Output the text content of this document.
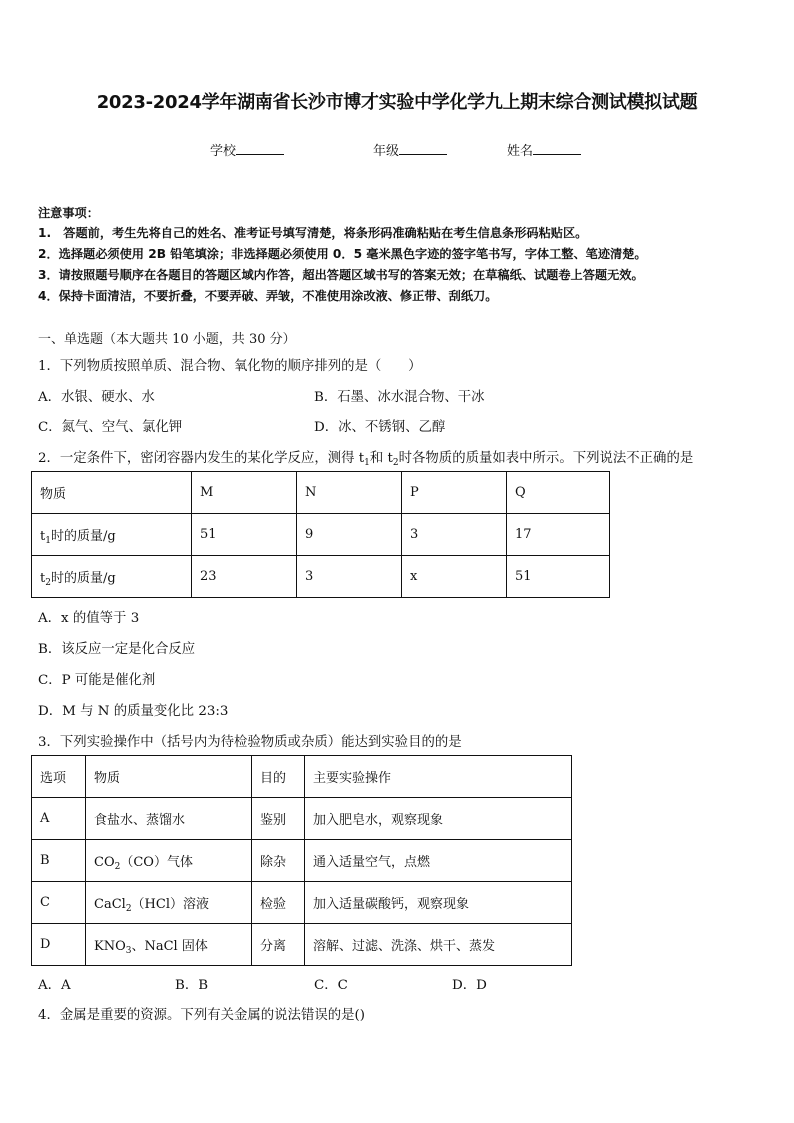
2023-2024学年湖南省长沙市博才实验中学化学九上期末综合测试模拟试题
学校	年级	姓名
注意事项：
1.　答题前，考生先将自己的姓名、准考证号填写清楚，将条形码准确粘贴在考生信息条形码粘贴区。
2．选择题必须使用 2B 铅笔填涂；非选择题必须使用 0．5 毫米黑色字迹的签字笔书写，字体工整、笔迹清楚。
3．请按照题号顺序在各题目的答题区域内作答，超出答题区域书写的答案无效；在草稿纸、试题卷上答题无效。
4．保持卡面清洁，不要折叠，不要弄破、弄皱，不准使用涂改液、修正带、刮纸刀。
一、单选题（本大题共 10 小题，共 30 分）
1．下列物质按照单质、混合物、氧化物的顺序排列的是（　　）
A．水银、硬水、水	B．石墨、冰水混合物、干冰
C．氮气、空气、氯化钾	D．冰、不锈钢、乙醇
2．一定条件下，密闭容器内发生的某化学反应，测得 $t_1$和 $t_2$时各物质的质量如表中所示。下列说法不正确的是
物质	M	N	P	Q
$t_1$时的质量/g	51	9	3	17
$t_2$时的质量/g	23	3	x	51
A．x 的值等于 3
B．该反应一定是化合反应
C．P 可能是催化剂
D．M 与 N 的质量变化比 23:3
3．下列实验操作中（括号内为待检验物质或杂质）能达到实验目的的是
选项	物质	目的	主要实验操作
A	食盐水、蒸馏水	鉴别	加入肥皂水，观察现象
B	$CO_2(CO)$气体	除杂	通入适量空气，点燃
C	CaCl$_2$（HCl）溶液	检验	加入适量碳酸钙，观察现象
D	$KNO_3$、NaCl 固体	分离	溶解、过滤、洗涤、烘干、蒸发
A．A	B．B	C．C	D．D
4．金属是重要的资源。下列有关金属的说法错误的是()
